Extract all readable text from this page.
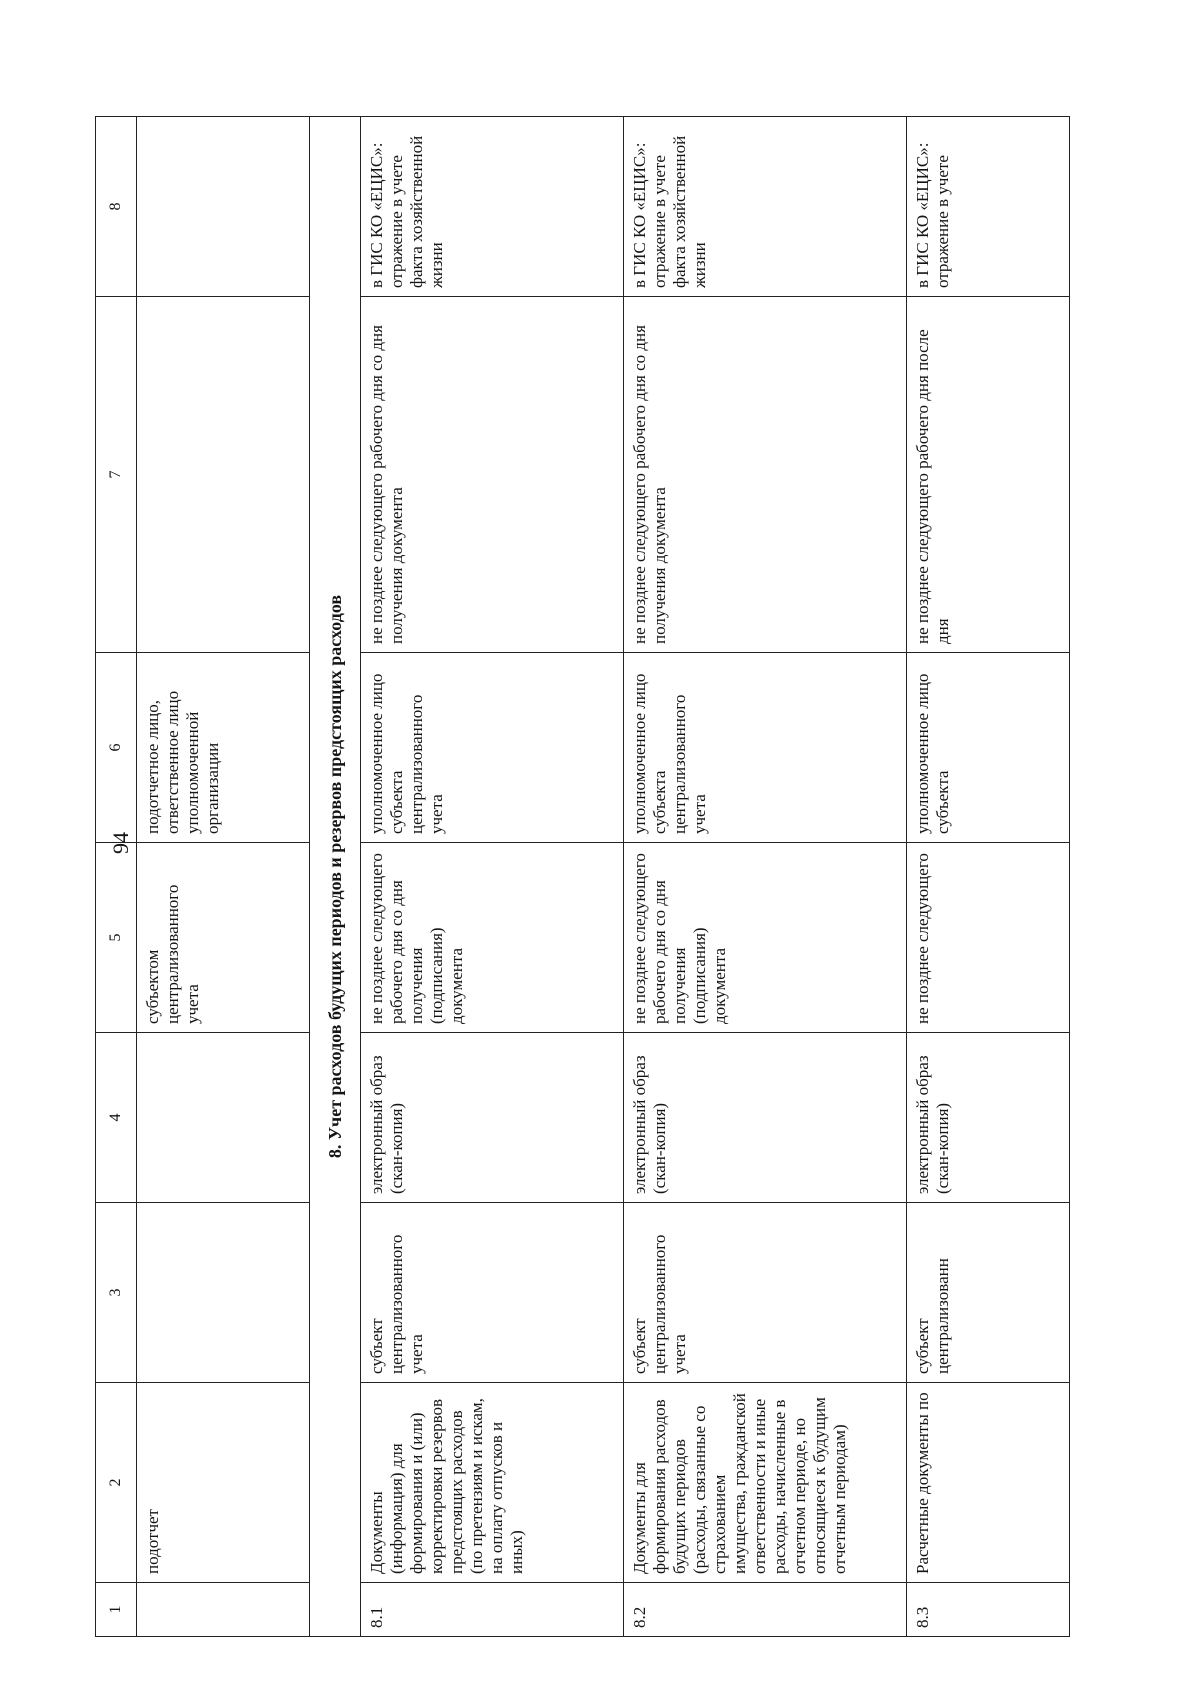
94
1	2	3	4	5	6	7	8
	подотчет			субъектом централизованного учета	подотчетное лицо, ответственное лицо уполномоченной организации		
8. Учет расходов будущих периодов и резервов предстоящих расходов							
8.1	Документы (информация) для формирования и (или) корректировки резервов предстоящих расходов (по претензиям и искам, на оплату отпусков и иных)	субъект централизованного учета	электронный образ (скан-копия)	не позднее следующего рабочего дня со дня получения (подписания) документа	уполномоченное лицо субъекта централизованного учета	не позднее следующего рабочего дня со дня получения документа	в ГИС КО «ЕЦИС»: отражение в учете факта хозяйственной жизни
8.2	Документы для формирования расходов будущих периодов (расходы, связанные со страхованием имущества, гражданской ответственности и иные расходы, начисленные в отчетном периоде, но относящиеся к будущим отчетным периодам)	субъект централизованного учета	электронный образ (скан-копия)	не позднее следующего рабочего дня со дня получения (подписания) документа	уполномоченное лицо субъекта централизованного учета	не позднее следующего рабочего дня со дня получения документа	в ГИС КО «ЕЦИС»: отражение в учете факта хозяйственной жизни
8.3	Расчетные документы по	субъект централизованн	электронный образ (скан-копия)	не позднее следующего	уполномоченное лицо субъекта	не позднее следующего рабочего дня после дня	в ГИС КО «ЕЦИС»: отражение в учете
